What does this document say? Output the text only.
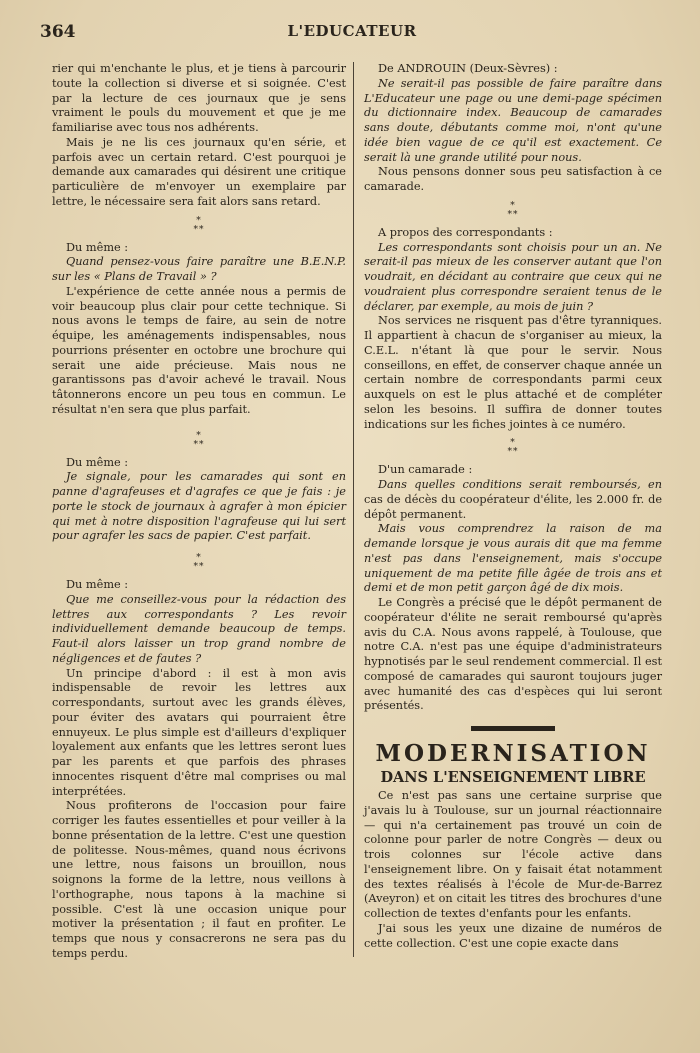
364	L'EDUCATEUR

rier qui m'enchante le plus, et je tiens à parcourir toute la collection si diverse et si soignée. C'est par la lecture de ces journaux que je sens vraiment le pouls du mouvement et que je me familiarise avec tous nos adhérents.

Mais je ne lis ces journaux qu'en série, et parfois avec un certain retard. C'est pourquoi je demande aux camarades qui désirent une critique particulière de m'envoyer un exemplaire par lettre, le nécessaire sera fait alors sans retard.

*
**

Du même :

Quand pensez-vous faire paraître une B.E.N.P. sur les « Plans de Travail » ?

L'expérience de cette année nous a permis de voir beaucoup plus clair pour cette technique. Si nous avons le temps de faire, au sein de notre équipe, les aménagements indispensables, nous pourrions présenter en octobre une brochure qui serait une aide précieuse. Mais nous ne garantissons pas d'avoir achevé le travail. Nous tâtonnerons encore un peu tous en commun. Le résultat n'en sera que plus parfait.

*
**

Du même :

Je signale, pour les camarades qui sont en panne d'agrafeuses et d'agrafes ce que je fais : je porte le stock de journaux à agrafer à mon épicier qui met à notre disposition l'agrafeuse qui lui sert pour agrafer les sacs de papier. C'est parfait.

*
**

Du même :

Que me conseillez-vous pour la rédaction des lettres aux correspondants ? Les revoir individuellement demande beaucoup de temps. Faut-il alors laisser un trop grand nombre de négligences et de fautes ?

Un principe d'abord : il est à mon avis indispensable de revoir les lettres aux correspondants, surtout avec les grands élèves, pour éviter des avatars qui pourraient être ennuyeux. Le plus simple est d'ailleurs d'expliquer loyalement aux enfants que les lettres seront lues par les parents et que parfois des phrases innocentes risquent d'être mal comprises ou mal interprétées.

Nous profiterons de l'occasion pour faire corriger les fautes essentielles et pour veiller à la bonne présentation de la lettre. C'est une question de politesse. Nous-mêmes, quand nous écrivons une lettre, nous faisons un brouillon, nous soignons la forme de la lettre, nous veillons à l'orthographe, nous tapons à la machine si possible. C'est là une occasion unique pour motiver la présentation ; il faut en profiter. Le temps que nous y consacrerons ne sera pas du temps perdu.

De ANDROUIN (Deux-Sèvres) :

Ne serait-il pas possible de faire paraître dans L'Educateur une page ou une demi-page spécimen du dictionnaire index. Beaucoup de camarades sans doute, débutants comme moi, n'ont qu'une idée bien vague de ce qu'il est exactement. Ce serait là une grande utilité pour nous.

Nous pensons donner sous peu satisfaction à ce camarade.

*
**

A propos des correspondants :

Les correspondants sont choisis pour un an. Ne serait-il pas mieux de les conserver autant que l'on voudrait, en décidant au contraire que ceux qui ne voudraient plus correspondre seraient tenus de le déclarer, par exemple, au mois de juin ?

Nos services ne risquent pas d'être tyranniques. Il appartient à chacun de s'organiser au mieux, la C.E.L. n'étant là que pour le servir. Nous conseillons, en effet, de conserver chaque année un certain nombre de correspondants parmi ceux auxquels on est le plus attaché et de compléter selon les besoins. Il suffira de donner toutes indications sur les fiches jointes à ce numéro.

*
**

D'un camarade :

Dans quelles conditions serait remboursés, en cas de décès du coopérateur d'élite, les 2.000 fr. de dépôt permanent.

Mais vous comprendrez la raison de ma demande lorsque je vous aurais dit que ma femme n'est pas dans l'enseignement, mais s'occupe uniquement de ma petite fille âgée de trois ans et demi et de mon petit garçon âgé de dix mois.

Le Congrès a précisé que le dépôt permanent de coopérateur d'élite ne serait remboursé qu'après avis du C.A. Nous avons rappelé, à Toulouse, que notre C.A. n'est pas une équipe d'administrateurs hypnotisés par le seul rendement commercial. Il est composé de camarades qui sauront toujours juger avec humanité des cas d'espèces qui lui seront présentés.

MODERNISATION
DANS L'ENSEIGNEMENT LIBRE

Ce n'est pas sans une certaine surprise que j'avais lu à Toulouse, sur un journal réactionnaire — qui n'a certainement pas trouvé un coin de colonne pour parler de notre Congrès — deux ou trois colonnes sur l'école active dans l'enseignement libre. On y faisait état notamment des textes réalisés à l'école de Mur-de-Barrez (Aveyron) et on citait les titres des brochures d'une collection de textes d'enfants pour les enfants.

J'ai sous les yeux une dizaine de numéros de cette collection. C'est une copie exacte dans
